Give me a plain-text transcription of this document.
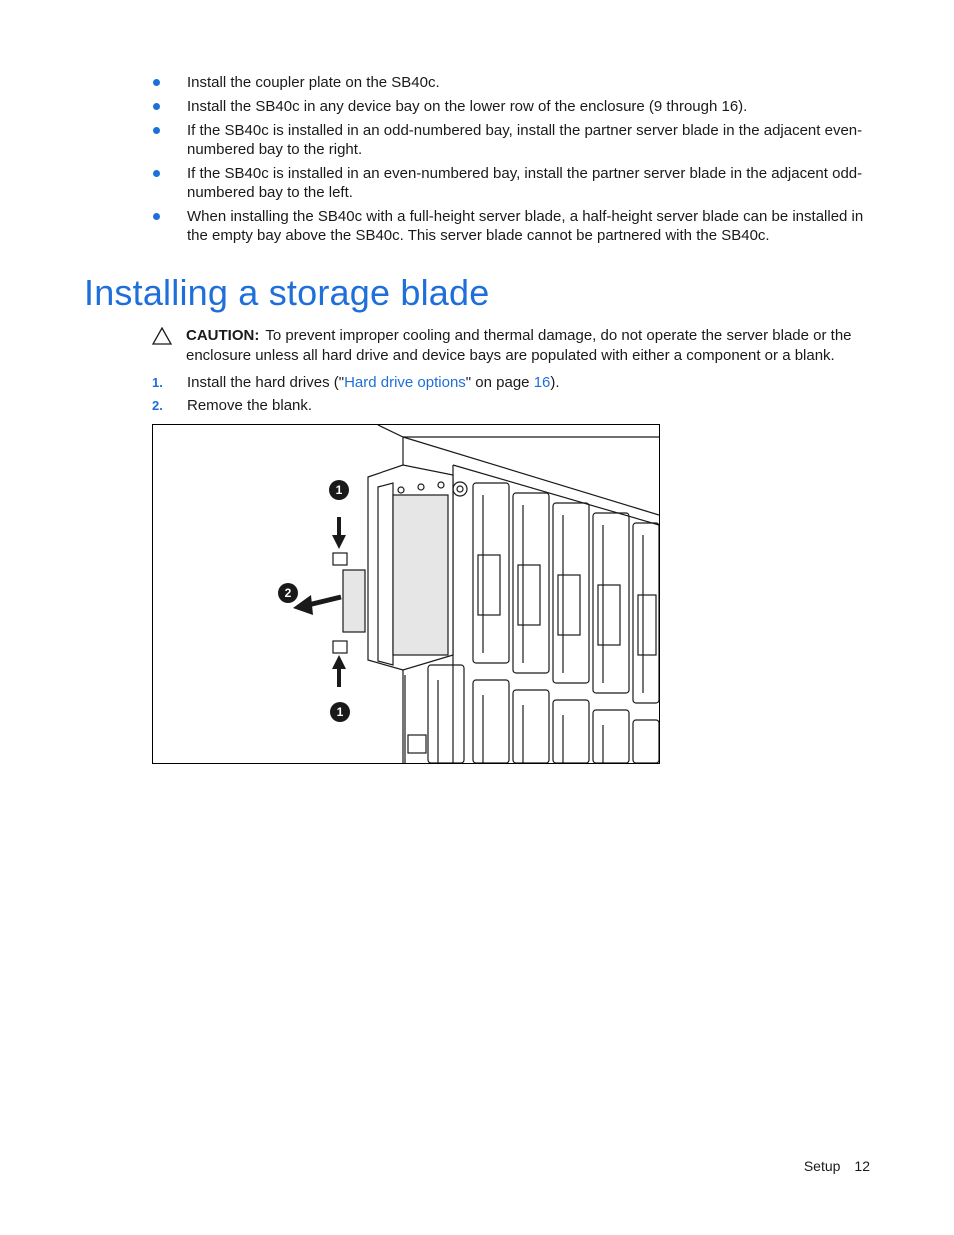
Install the coupler plate on the SB40c.
Install the SB40c in any device bay on the lower row of the enclosure (9 through 16).
If the SB40c is installed in an odd-numbered bay, install the partner server blade in the adjacent even-numbered bay to the right.
If the SB40c is installed in an even-numbered bay, install the partner server blade in the adjacent odd-numbered bay to the left.
When installing the SB40c with a full-height server blade, a half-height server blade can be installed in the empty bay above the SB40c. This server blade cannot be partnered with the SB40c.
Installing a storage blade
CAUTION: To prevent improper cooling and thermal damage, do not operate the server blade or the enclosure unless all hard drive and device bays are populated with either a component or a blank.
1. Install the hard drives ("Hard drive options" on page 16).
2. Remove the blank.
1
2
1
Setup 12
